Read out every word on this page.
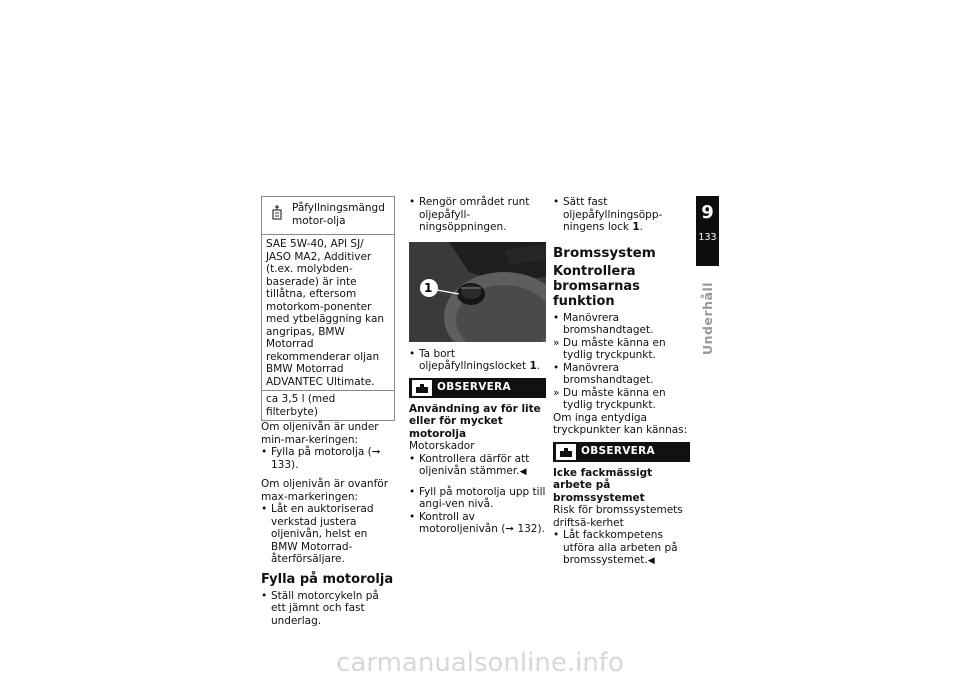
Påfyllningsmängd motor-olja
SAE 5W-40, API SJ/ JASO MA2, Additiver (t.ex. molybden-baserade) är inte tillåtna, eftersom motorkom-ponenter med ytbeläggning kan angripas, BMW Motorrad rekommenderar oljan BMW Motorrad ADVANTEC Ultimate.
ca 3,5 l (med filterbyte)

Om oljenivån är under min-mar-keringen:

• Fylla på motorolja (➞ 133).

Om oljenivån är ovanför max-markeringen:

• Låt en auktoriserad verkstad justera oljenivån, helst en BMW Motorrad-återförsäljare.

Fylla på motorolja

• Ställ motorcykeln på ett jämnt och fast underlag.

• Rengör området runt oljepåfyll-ningsöppningen.

1

• Ta bort oljepåfyllningslocket 1.

OBSERVERA

Användning av för lite eller för mycket motorolja

Motorskador

• Kontrollera därför att oljenivån stämmer.◀

• Fyll på motorolja upp till angi-ven nivå.

• Kontroll av motoroljenivån (➞ 132).

• Sätt fast oljepåfyllningsöpp-ningens lock 1.

Bromssystem
Kontrollera bromsarnas funktion

• Manövrera bromshandtaget.

» Du måste känna en tydlig tryckpunkt.

• Manövrera bromshandtaget.

» Du måste känna en tydlig tryckpunkt.

Om inga entydiga tryckpunkter kan kännas:

OBSERVERA

Icke fackmässigt arbete på bromssystemet

Risk för bromssystemets driftsä-kerhet

• Låt fackkompetens utföra alla arbeten på bromssystemet.◀

9
133
Underhåll
carmanualsonline.info
